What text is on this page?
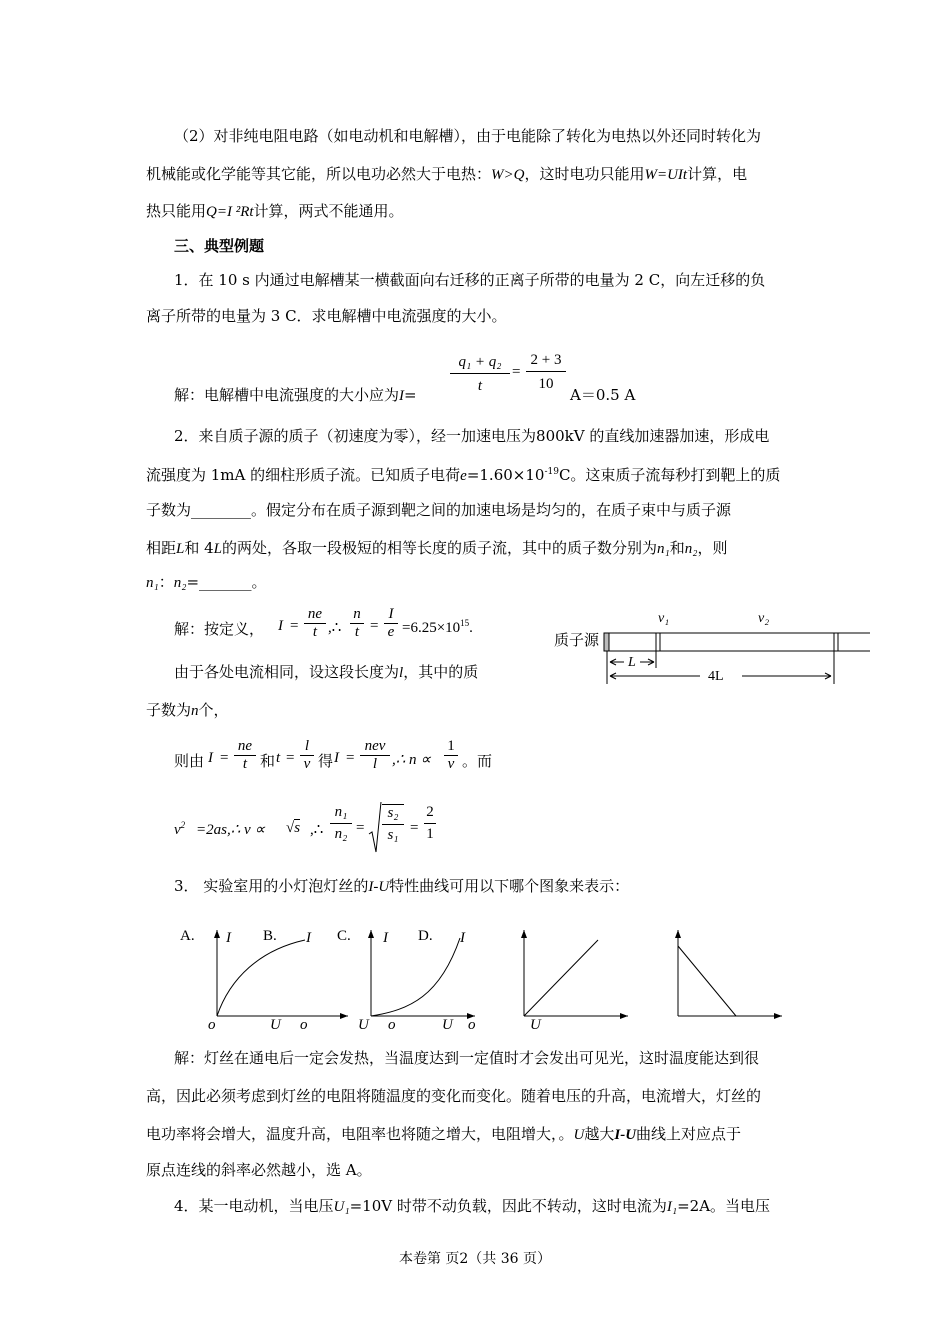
（2）对非纯电阻电路（如电动机和电解槽），由于电能除了转化为电热以外还同时转化为
机械能或化学能等其它能，所以电功必然大于电热：W>Q，这时电功只能用W=UIt计算，电
热只能用Q=I ²Rt计算，两式不能通用。
三、典型例题
1．在 10 s 内通过电解槽某一横截面向右迁移的正离子所带的电量为 2 C，向左迁移的负
离子所带的电量为 3 C．求电解槽中电流强度的大小。
解：电解槽中电流强度的大小应为$I= \frac{\text{q₁ + q₂}}{t} = \frac{2 + 3}{10}$
A＝0.5 A
2．来自质子源的质子（初速度为零），经一加速电压为800kV 的直线加速器加速，形成电
流强度为 1mA 的细柱形质子流。已知质子电荷$e=1.60\times 10^{-19}C$。这束质子流每秒打到靶上的质
子数为________。假定分布在质子源到靶之间的加速电场是均匀的，在质子束中与质子源
相距L和 4L的两处，各取一段极短的相等长度的质子流，其中的质子数分别为n₁和n₂，则
n₁：n₂=_______。
解：按定义， $I = \frac{ne}{t}$ ,∴ $\frac{n}{t} = \frac{I}{e} =6.25\times 10^{15}$.
由于各处电流相同，设这段长度为l，其中的质
子数为n个，
质子源
v₁	v₂
L
4L
则由 $I = \frac{ne}{t}$ 和 $t = \frac{l}{v}$ 得 I =
nev
l ,∴ $n \propto \frac{1}{v}$ 。而
$v^2$ =2as,∴ v ∝ √s ,∴ $\frac{\text{n₁}}{\text{n₂}} = \frac{\text{s₂}}{\text{s₁}} = \frac{2}{1}$
3． 实验室用的小灯泡灯丝的I-U特性曲线可用以下哪个图象来表示：
A. I
o	U
B. I
o
C. I
U o	U
D. I
o	U
解：灯丝在通电后一定会发热，当温度达到一定值时才会发出可见光，这时温度能达到很
高，因此必须考虑到灯丝的电阻将随温度的变化而变化。随着电压的升高，电流增大，灯丝的
电功率将会增大，温度升高，电阻率也将随之增大，电阻增大，。U越大I-U曲线上对应点于
原点连线的斜率必然越小，选 A。
4．某一电动机，当电压U₁=10V 时带不动负载，因此不转动，这时电流为I₁=2A。当电压
本卷第 页2（共 36 页）
